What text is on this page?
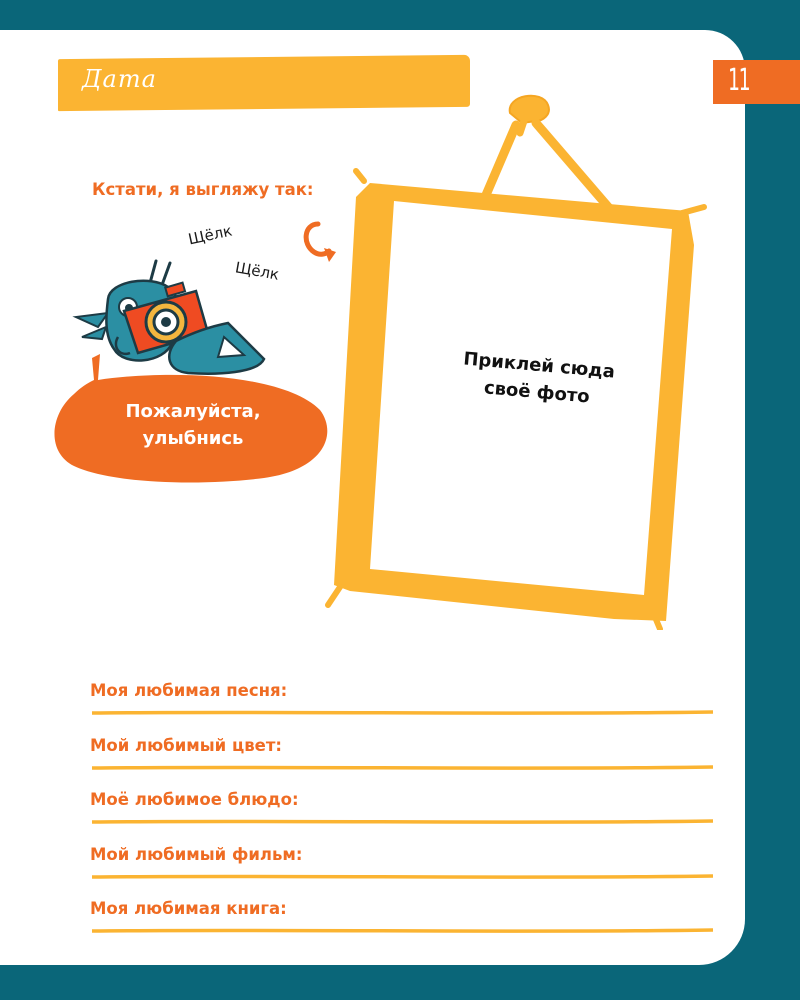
Дата	11
Кстати, я выгляжу так:
Щёлк
Щёлк
Пожалуйста,
улыбнись
Приклей сюда
своё фото
Моя любимая песня:
Мой любимый цвет:
Моё любимое блюдо:
Мой любимый фильм:
Моя любимая книга:
